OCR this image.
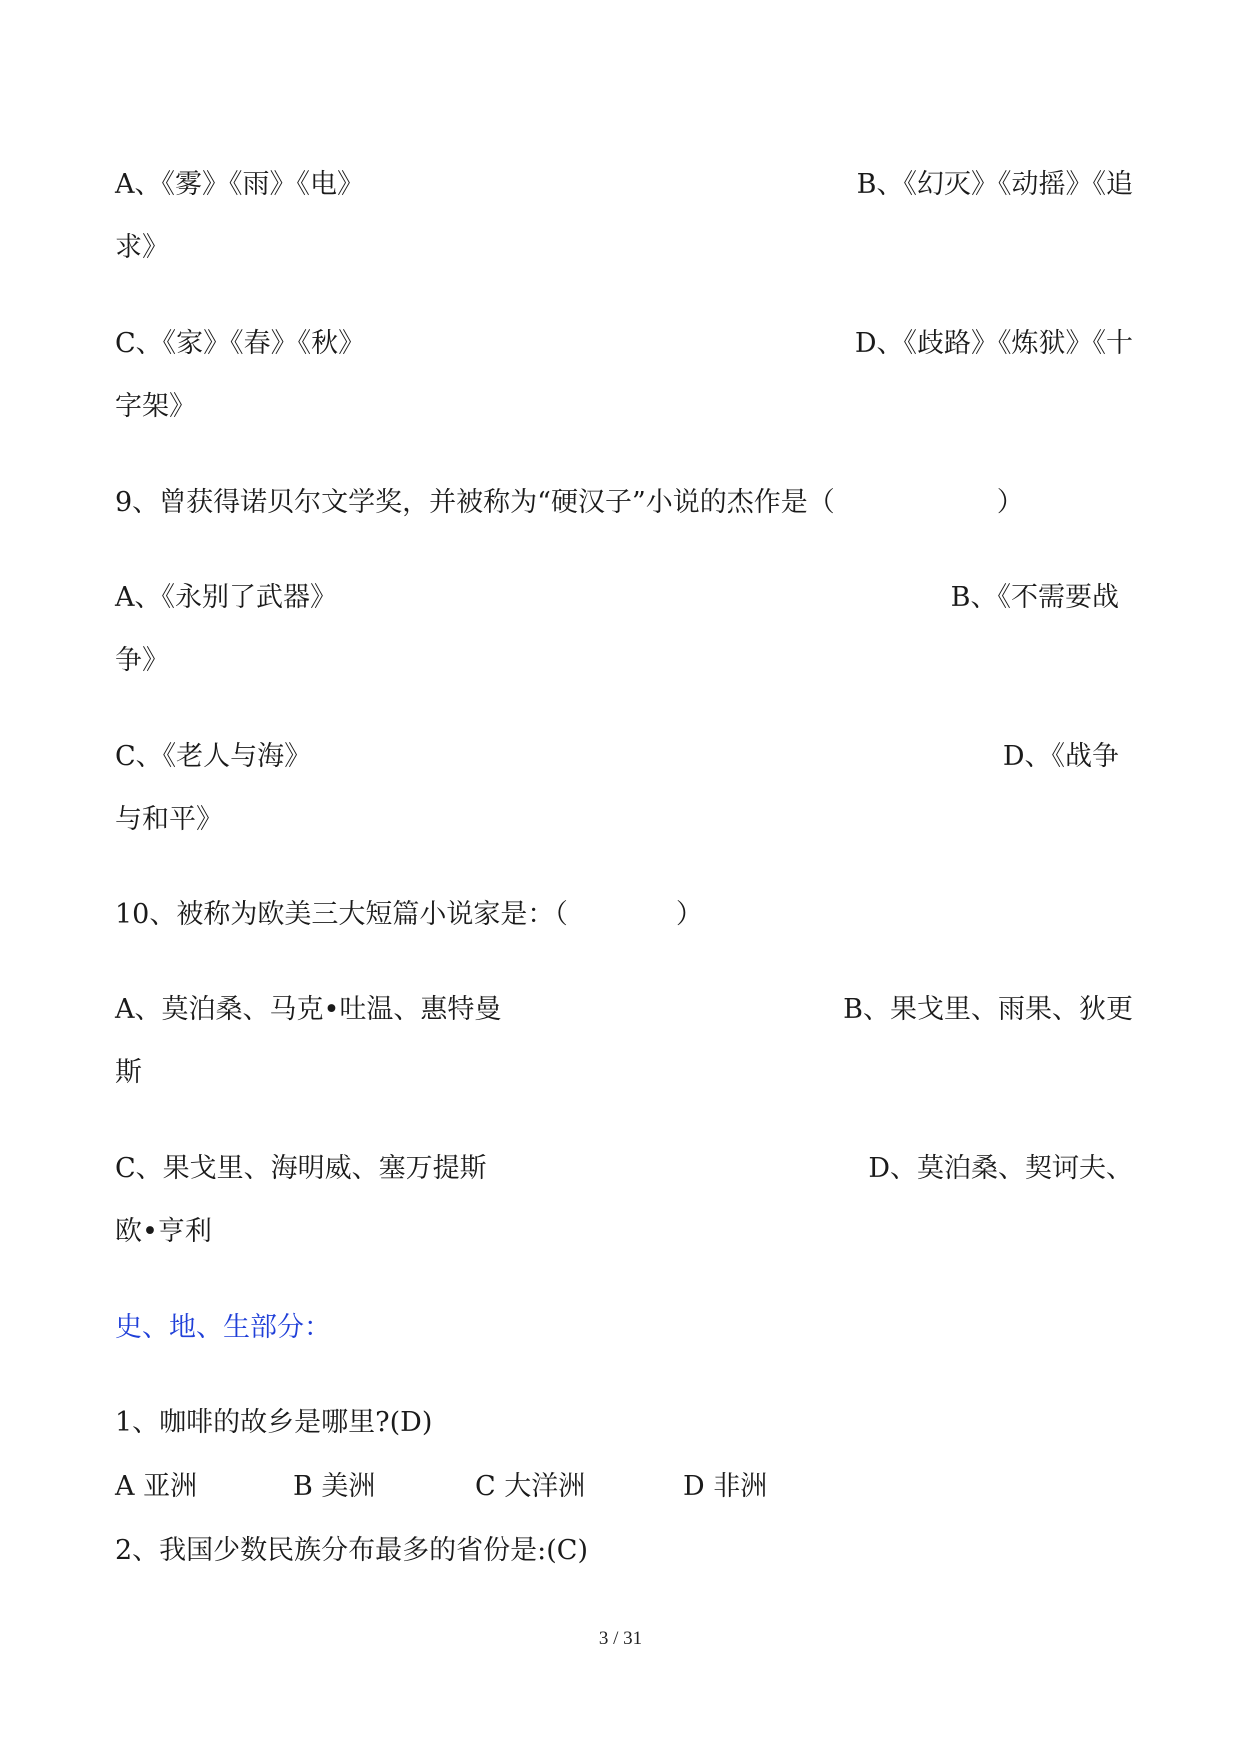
A、《雾》《雨》《电》	B、《幻灭》《动摇》《追
求》
C、《家》《春》《秋》	D、《歧路》《炼狱》《十
字架》
9、曾获得诺贝尔文学奖，并被称为“硬汉子”小说的杰作是（　　　　　　）
A、《永别了武器》	B、《不需要战
争》
C、《老人与海》	D、《战争
与和平》
10、被称为欧美三大短篇小说家是：（　　　　）
A、莫泊桑、马克•吐温、惠特曼	B、果戈里、雨果、狄更
斯
C、果戈里、海明威、塞万提斯	D、莫泊桑、契诃夫、
欧•亨利
史、地、生部分：
1、咖啡的故乡是哪里?(D)
A 亚洲	B 美洲	C 大洋洲	D 非洲
2、我国少数民族分布最多的省份是:(C)
3 / 31
